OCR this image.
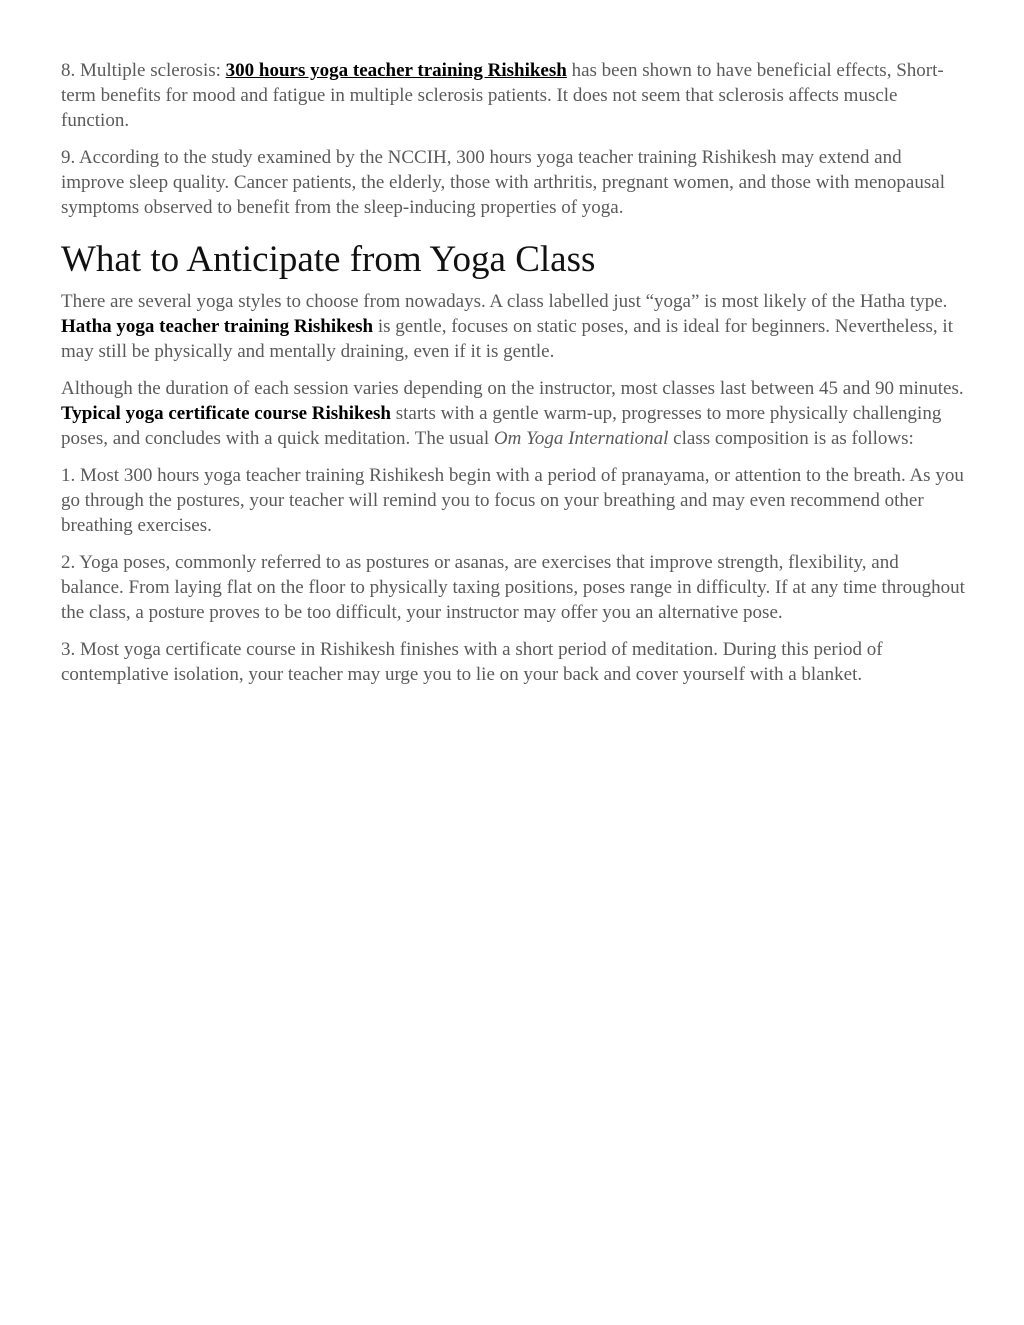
8. Multiple sclerosis: 300 hours yoga teacher training Rishikesh has been shown to have beneficial effects, Short-term benefits for mood and fatigue in multiple sclerosis patients. It does not seem that sclerosis affects muscle function.

9. According to the study examined by the NCCIH, 300 hours yoga teacher training Rishikesh may extend and improve sleep quality. Cancer patients, the elderly, those with arthritis, pregnant women, and those with menopausal symptoms observed to benefit from the sleep-inducing properties of yoga.

What to Anticipate from Yoga Class

There are several yoga styles to choose from nowadays. A class labelled just “yoga” is most likely of the Hatha type. Hatha yoga teacher training Rishikesh is gentle, focuses on static poses, and is ideal for beginners. Nevertheless, it may still be physically and mentally draining, even if it is gentle.

Although the duration of each session varies depending on the instructor, most classes last between 45 and 90 minutes. Typical yoga certificate course Rishikesh starts with a gentle warm-up, progresses to more physically challenging poses, and concludes with a quick meditation. The usual Om Yoga International class composition is as follows:

1. Most 300 hours yoga teacher training Rishikesh begin with a period of pranayama, or attention to the breath. As you go through the postures, your teacher will remind you to focus on your breathing and may even recommend other breathing exercises.

2. Yoga poses, commonly referred to as postures or asanas, are exercises that improve strength, flexibility, and balance. From laying flat on the floor to physically taxing positions, poses range in difficulty. If at any time throughout the class, a posture proves to be too difficult, your instructor may offer you an alternative pose.

3. Most yoga certificate course in Rishikesh finishes with a short period of meditation. During this period of contemplative isolation, your teacher may urge you to lie on your back and cover yourself with a blanket.
